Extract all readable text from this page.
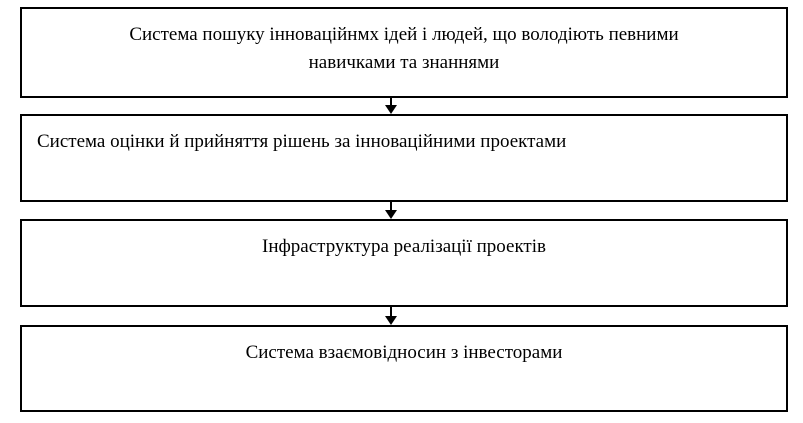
Система пошуку інноваційнмх ідей і людей, що володіють певними
навичками та знаннями
Система оцінки й прийняття рішень за інноваційними проектами
Інфраструктура реалізації проектів
Система взаємовідносин з інвесторами
